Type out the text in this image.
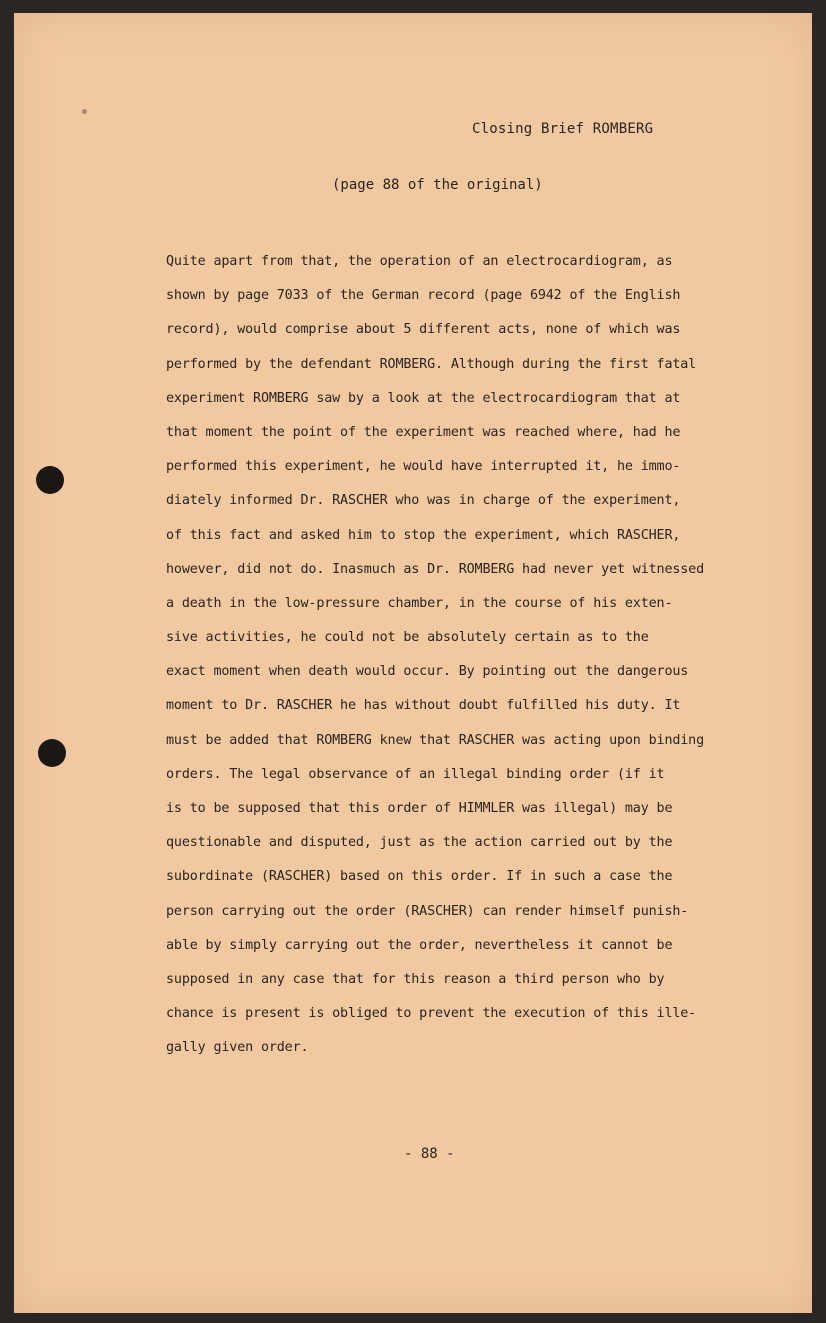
Closing Brief ROMBERG
(page 88 of the original)
Quite apart from that, the operation of an electrocardiogram, as
shown by page 7033 of the German record (page 6942 of the English
record), would comprise about 5 different acts, none of which was
performed by the defendant ROMBERG. Although during the first fatal
experiment ROMBERG saw by a look at the electrocardiogram that at
that moment the point of the experiment was reached where, had he
performed this experiment, he would have interrupted it, he immo-
diately informed Dr. RASCHER who was in charge of the experiment,
of this fact and asked him to stop the experiment, which RASCHER,
however, did not do. Inasmuch as Dr. ROMBERG had never yet witnessed
a death in the low-pressure chamber, in the course of his exten-
sive activities, he could not be absolutely certain as to the
exact moment when death would occur. By pointing out the dangerous
moment to Dr. RASCHER he has without doubt fulfilled his duty. It
must be added that ROMBERG knew that RASCHER was acting upon binding
orders. The legal observance of an illegal binding order (if it
is to be supposed that this order of HIMMLER was illegal) may be
questionable and disputed, just as the action carried out by the
subordinate (RASCHER) based on this order. If in such a case the
person carrying out the order (RASCHER) can render himself punish-
able by simply carrying out the order, nevertheless it cannot be
supposed in any case that for this reason a third person who by
chance is present is obliged to prevent the execution of this ille-
gally given order.
- 88 -
